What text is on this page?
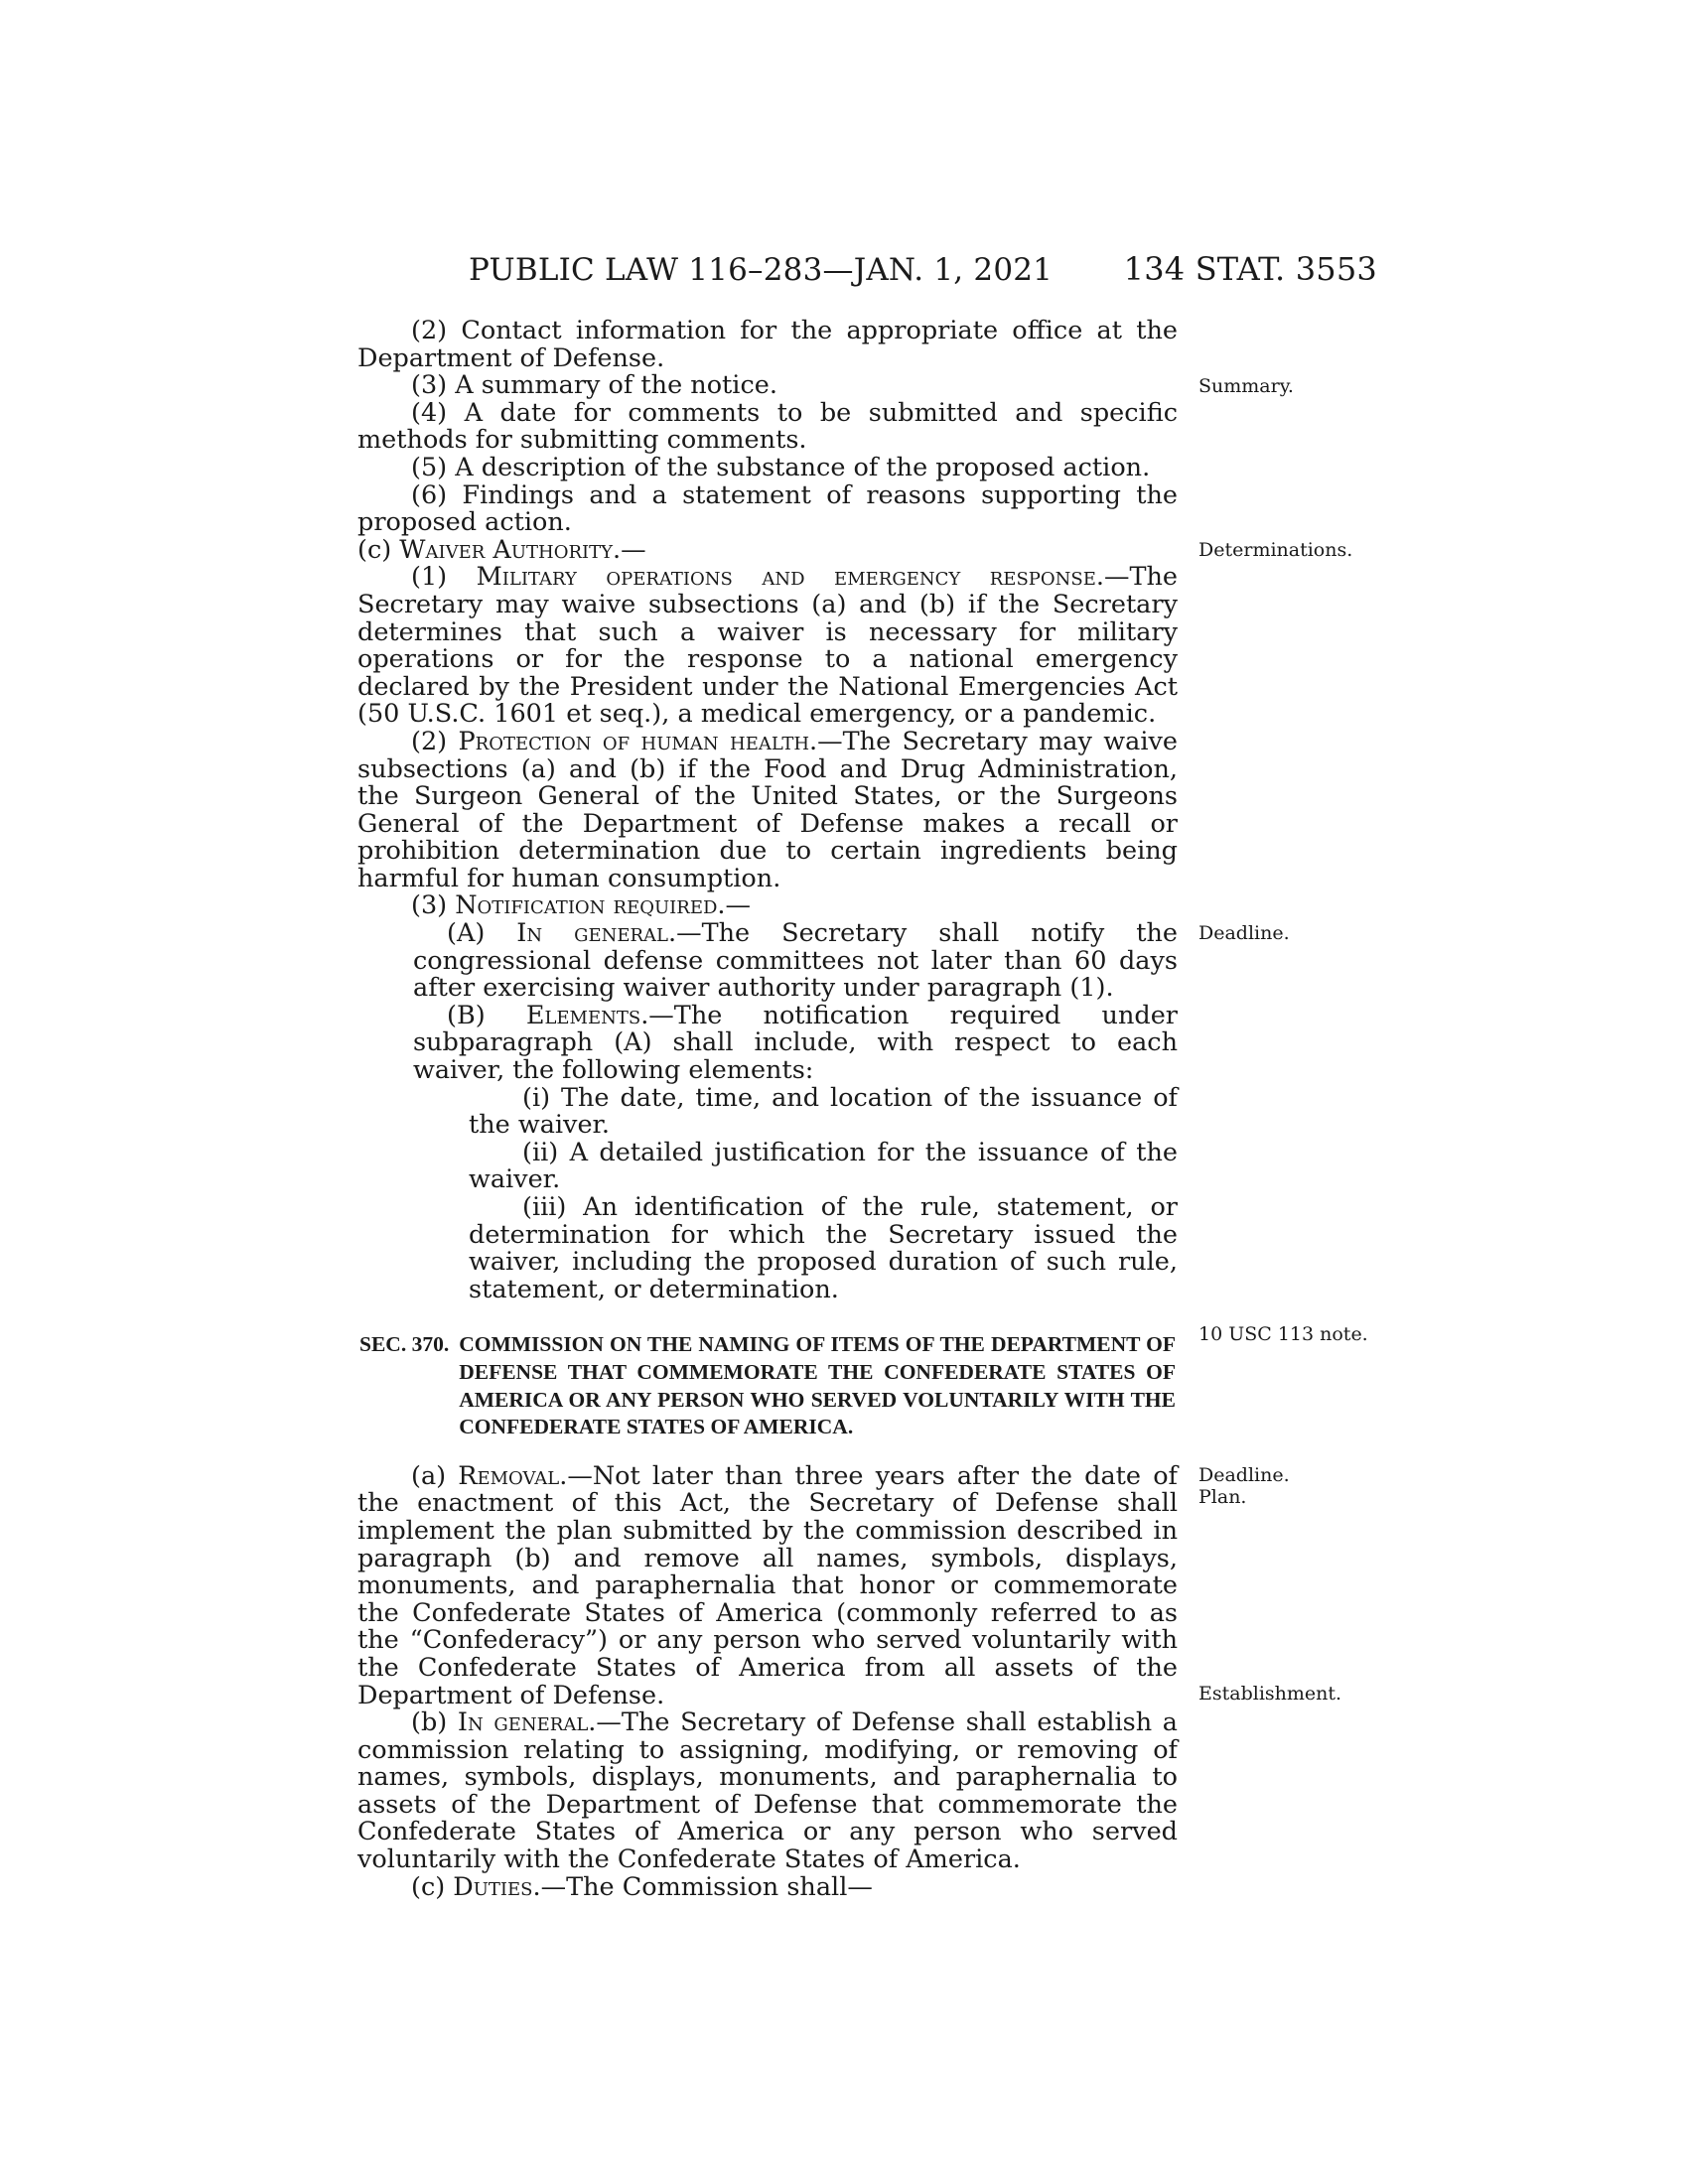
PUBLIC LAW 116–283—JAN. 1, 2021 134 STAT. 3553

(2) Contact information for the appropriate office at the Department of Defense.

(3) A summary of the notice.

(4) A date for comments to be submitted and specific methods for submitting comments.

(5) A description of the substance of the proposed action.

(6) Findings and a statement of reasons supporting the proposed action.

(c) Waiver Authority.—

(1) Military operations and emergency response.—The Secretary may waive subsections (a) and (b) if the Secretary determines that such a waiver is necessary for military operations or for the response to a national emergency declared by the President under the National Emergencies Act (50 U.S.C. 1601 et seq.), a medical emergency, or a pandemic.

(2) Protection of human health.—The Secretary may waive subsections (a) and (b) if the Food and Drug Administration, the Surgeon General of the United States, or the Surgeons General of the Department of Defense makes a recall or prohibition determination due to certain ingredients being harmful for human consumption.

(3) Notification required.—

(A) In general.—The Secretary shall notify the congressional defense committees not later than 60 days after exercising waiver authority under paragraph (1).

(B) Elements.—The notification required under subparagraph (A) shall include, with respect to each waiver, the following elements:

(i) The date, time, and location of the issuance of the waiver.

(ii) A detailed justification for the issuance of the waiver.

(iii) An identification of the rule, statement, or determination for which the Secretary issued the waiver, including the proposed duration of such rule, statement, or determination.

SEC. 370. COMMISSION ON THE NAMING OF ITEMS OF THE DEPARTMENT OF DEFENSE THAT COMMEMORATE THE CONFEDERATE STATES OF AMERICA OR ANY PERSON WHO SERVED VOLUNTARILY WITH THE CONFEDERATE STATES OF AMERICA.

(a) Removal.—Not later than three years after the date of the enactment of this Act, the Secretary of Defense shall implement the plan submitted by the commission described in paragraph (b) and remove all names, symbols, displays, monuments, and paraphernalia that honor or commemorate the Confederate States of America (commonly referred to as the “Confederacy”) or any person who served voluntarily with the Confederate States of America from all assets of the Department of Defense.

(b) In general.—The Secretary of Defense shall establish a commission relating to assigning, modifying, or removing of names, symbols, displays, monuments, and paraphernalia to assets of the Department of Defense that commemorate the Confederate States of America or any person who served voluntarily with the Confederate States of America.

(c) Duties.—The Commission shall—

Summary.
Determinations.
Deadline.
10 USC 113 note.
Deadline.
Plan.
Establishment.
